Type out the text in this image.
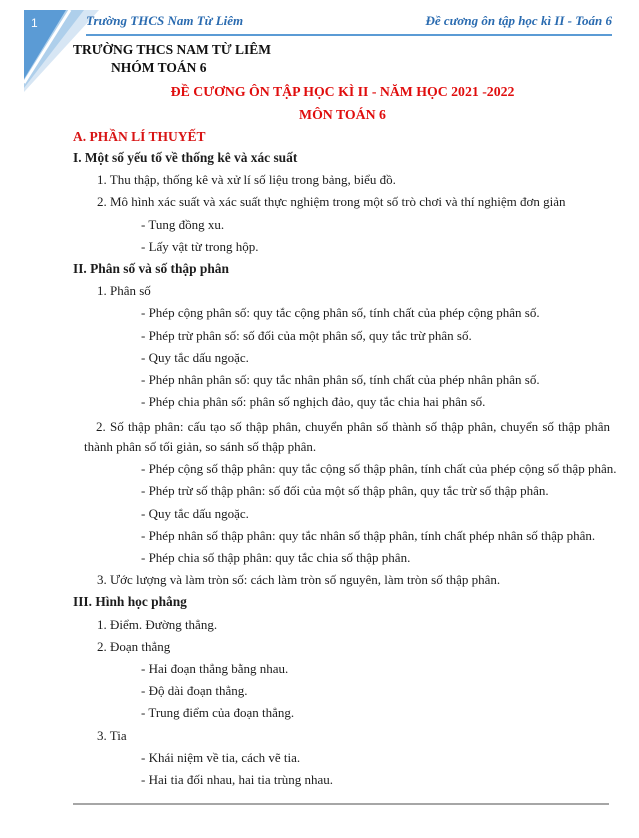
1	Trường THCS Nam Từ Liêm	Đề cương ôn tập học kì II - Toán 6
TRƯỜNG THCS NAM TỪ LIÊM
NHÓM TOÁN 6
ĐỀ CƯƠNG ÔN TẬP HỌC KÌ II - NĂM HỌC 2021 -2022
MÔN TOÁN 6
A. PHẦN LÍ THUYẾT
I. Một số yếu tố về thống kê và xác suất
1. Thu thập, thống kê và xử lí số liệu trong bảng, biểu đồ.
2. Mô hình xác suất và xác suất thực nghiệm trong một số trò chơi và thí nghiệm đơn giản
- Tung đồng xu.
- Lấy vật từ trong hộp.
II. Phân số và số thập phân
1. Phân số
- Phép cộng phân số: quy tắc cộng phân số, tính chất của phép cộng phân số.
- Phép trừ phân số: số đối của một phân số, quy tắc trừ phân số.
- Quy tắc dấu ngoặc.
- Phép nhân phân số: quy tắc nhân phân số, tính chất của phép nhân phân số.
- Phép chia phân số: phân số nghịch đảo, quy tắc chia hai phân số.
2. Số thập phân: cấu tạo số thập phân, chuyển phân số thành số thập phân, chuyển số thập phân thành phân số tối giản, so sánh số thập phân.
- Phép cộng số thập phân: quy tắc cộng số thập phân, tính chất của phép cộng số thập phân.
- Phép trừ số thập phân: số đối của một số thập phân, quy tắc trừ số thập phân.
- Quy tắc dấu ngoặc.
- Phép nhân số thập phân: quy tắc nhân số thập phân, tính chất phép nhân số thập phân.
- Phép chia số thập phân: quy tắc chia số thập phân.
3. Ước lượng và làm tròn số: cách làm tròn số nguyên, làm tròn số thập phân.
III. Hình học phẳng
1. Điểm. Đường thẳng.
2. Đoạn thẳng
- Hai đoạn thẳng bằng nhau.
- Độ dài đoạn thẳng.
- Trung điểm của đoạn thẳng.
3. Tia
- Khái niệm về tia, cách vẽ tia.
- Hai tia đối nhau, hai tia trùng nhau.
